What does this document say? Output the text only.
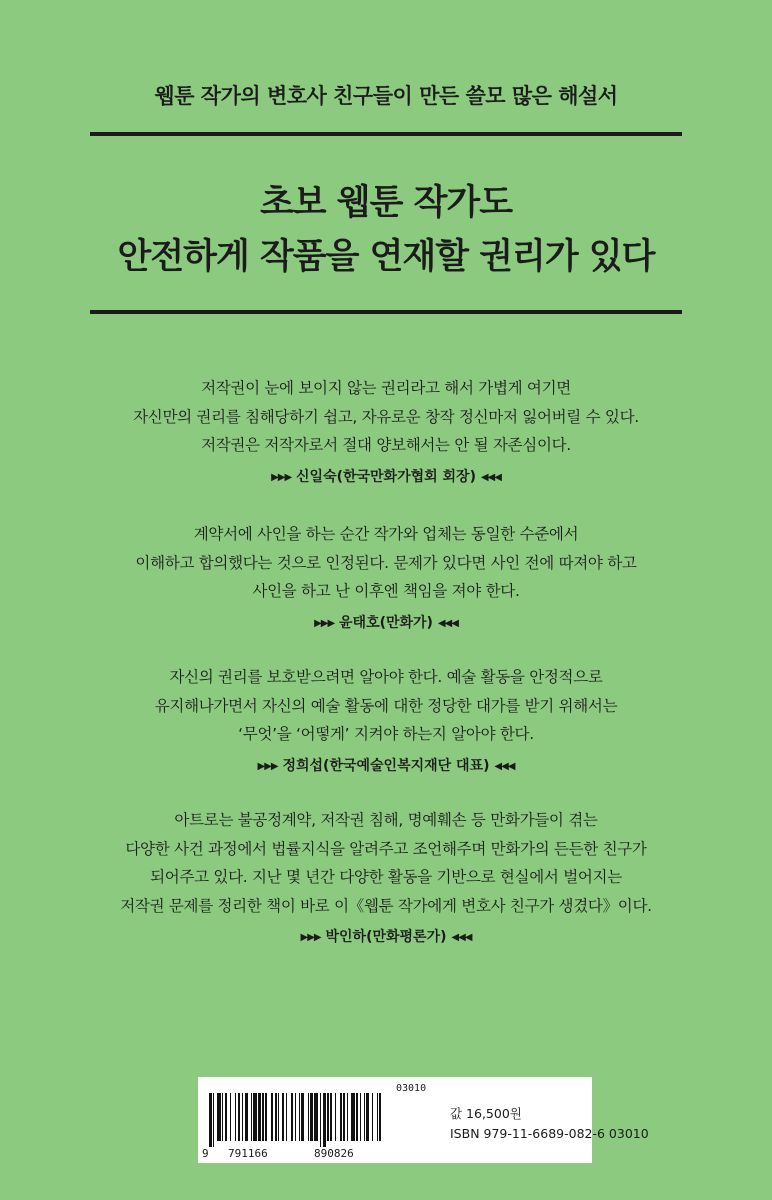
웹툰 작가의 변호사 친구들이 만든 쓸모 많은 해설서
초보 웹툰 작가도
안전하게 작품을 연재할 권리가 있다
저작권이 눈에 보이지 않는 권리라고 해서 가볍게 여기면
자신만의 권리를 침해당하기 쉽고, 자유로운 창작 정신마저 잃어버릴 수 있다.
저작권은 저작자로서 절대 양보해서는 안 될 자존심이다.
▶▶▶ 신일숙(한국만화가협회 회장) ◀◀◀
계약서에 사인을 하는 순간 작가와 업체는 동일한 수준에서
이해하고 합의했다는 것으로 인정된다. 문제가 있다면 사인 전에 따져야 하고
사인을 하고 난 이후엔 책임을 져야 한다.
▶▶▶ 윤태호(만화가) ◀◀◀
자신의 권리를 보호받으려면 알아야 한다. 예술 활동을 안정적으로
유지해나가면서 자신의 예술 활동에 대한 정당한 대가를 받기 위해서는
‘무엇’을 ‘어떻게’ 지켜야 하는지 알아야 한다.
▶▶▶ 정희섭(한국예술인복지재단 대표) ◀◀◀
아트로는 불공정계약, 저작권 침해, 명예훼손 등 만화가들이 겪는
다양한 사건 과정에서 법률지식을 알려주고 조언해주며 만화가의 든든한 친구가
되어주고 있다. 지난 몇 년간 다양한 활동을 기반으로 현실에서 벌어지는
저작권 문제를 정리한 책이 바로 이《웹툰 작가에게 변호사 친구가 생겼다》이다.
▶▶▶ 박인하(만화평론가) ◀◀◀
03010
9 791166	890826
값 16,500원
ISBN 979-11-6689-082-6 03010
